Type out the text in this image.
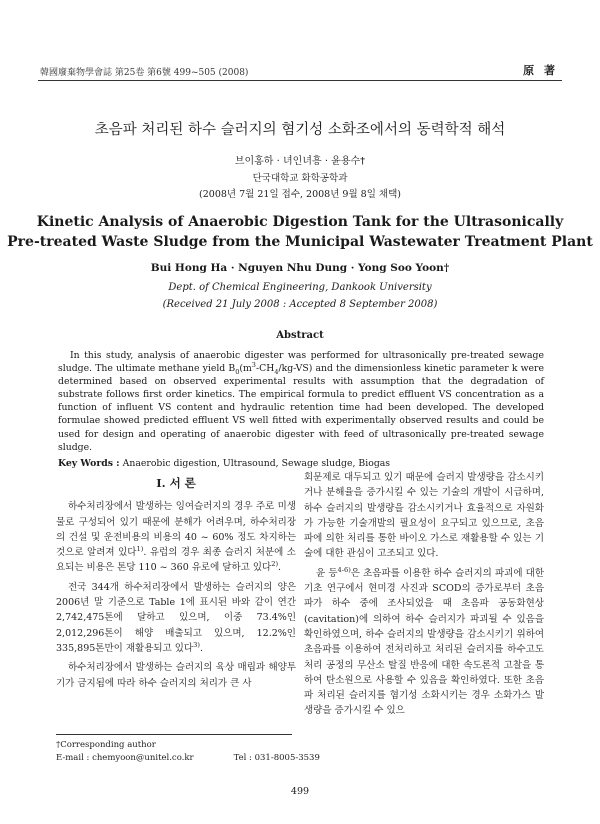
韓國廢棄物學會誌 第25卷 第6號 499~505 (2008)	原 著
초음파 처리된 하수 슬러지의 혐기성 소화조에서의 동력학적 해석
브이홍하 · 녀인녀흥 · 윤용수†
단국대학교 화학공학과
(2008년 7월 21일 접수, 2008년 9월 8일 채택)
Kinetic Analysis of Anaerobic Digestion Tank for the Ultrasonically
Pre-treated Waste Sludge from the Municipal Wastewater Treatment Plant
Bui Hong Ha · Nguyen Nhu Dung · Yong Soo Yoon†
Dept. of Chemical Engineering, Dankook University
(Received 21 July 2008 : Accepted 8 September 2008)
Abstract
In this study, analysis of anaerobic digester was performed for ultrasonically pre-treated sewage sludge. The ultimate methane yield $B_0(m^3-CH_4/kg-VS)$ and the dimensionless kinetic parameter k were determined based on observed experimental results with assumption that the degradation of substrate follows first order kinetics. The empirical formula to predict effluent VS concentration as a function of influent VS content and hydraulic retention time had been developed. The developed formulae showed predicted effluent VS well fitted with experimentally observed results and could be used for design and operating of anaerobic digester with feed of ultrasonically pre-treated sewage sludge.
Key Words : Anaerobic digestion, Ultrasound, Sewage sludge, Biogas
I. 서 론

하수처리장에서 발생하는 잉여슬러지의 경우 주로 미생물로 구성되어 있기 때문에 분해가 어려우며, 하수처리장의 건설 및 운전비용의 비용의 40 ~ 60% 정도 차지하는 것으로 알려져 있다$^{1)}$. 유럽의 경우 최종 슬러지 처분에 소요되는 비용은 톤당 110 ~ 360 유로에 달하고 있다$^{2)}$.

전국 344개 하수처리장에서 발생하는 슬러지의 양은 2006년 말 기준으로 Table 1에 표시된 바와 같이 연간 2,742,475톤에 달하고 있으며, 이중 73.4%인 2,012,296톤이 해양 배출되고 있으며, 12.2%인 335,895톤만이 재활용되고 있다$^{3)}$.

하수처리장에서 발생하는 슬러지의 육상 매립과 해양투기가 금지됨에 따라 하수 슬러지의 처리가 큰 사

회문제로 대두되고 있기 때문에 슬러지 발생량을 감소시키거나 분해율을 증가시킬 수 있는 기술의 개발이 시급하며, 하수 슬러지의 발생량을 감소시키거나 효율적으로 자원화가 가능한 기술개발의 필요성이 요구되고 있으므로, 초음파에 의한 처리를 통한 바이오 가스로 재활용할 수 있는 기술에 대한 관심이 고조되고 있다.

윤 등$^{4-6)}$은 초음파를 이용한 하수 슬러지의 파괴에 대한 기초 연구에서 현미경 사진과 SCOD의 증가로부터 초음파가 하수 중에 조사되었을 때 초음파 공동화현상(cavitation)에 의하여 하수 슬러지가 파괴될 수 있음을 확인하였으며, 하수 슬러지의 발생량을 감소시키기 위하여 초음파를 이용하여 전처리하고 처리된 슬러지를 하수고도처리 공정의 무산소 탈질 반응에 대한 속도론적 고찰을 통하여 탄소원으로 사용할 수 있음을 확인하였다. 또한 초음파 처리된 슬러지를 혐기성 소화시키는 경우 소화가스 발생량을 증가시킬 수 있으

†Corresponding author
E-mail : chemyoon@unitel.co.kr	Tel : 031-8005-3539
499
